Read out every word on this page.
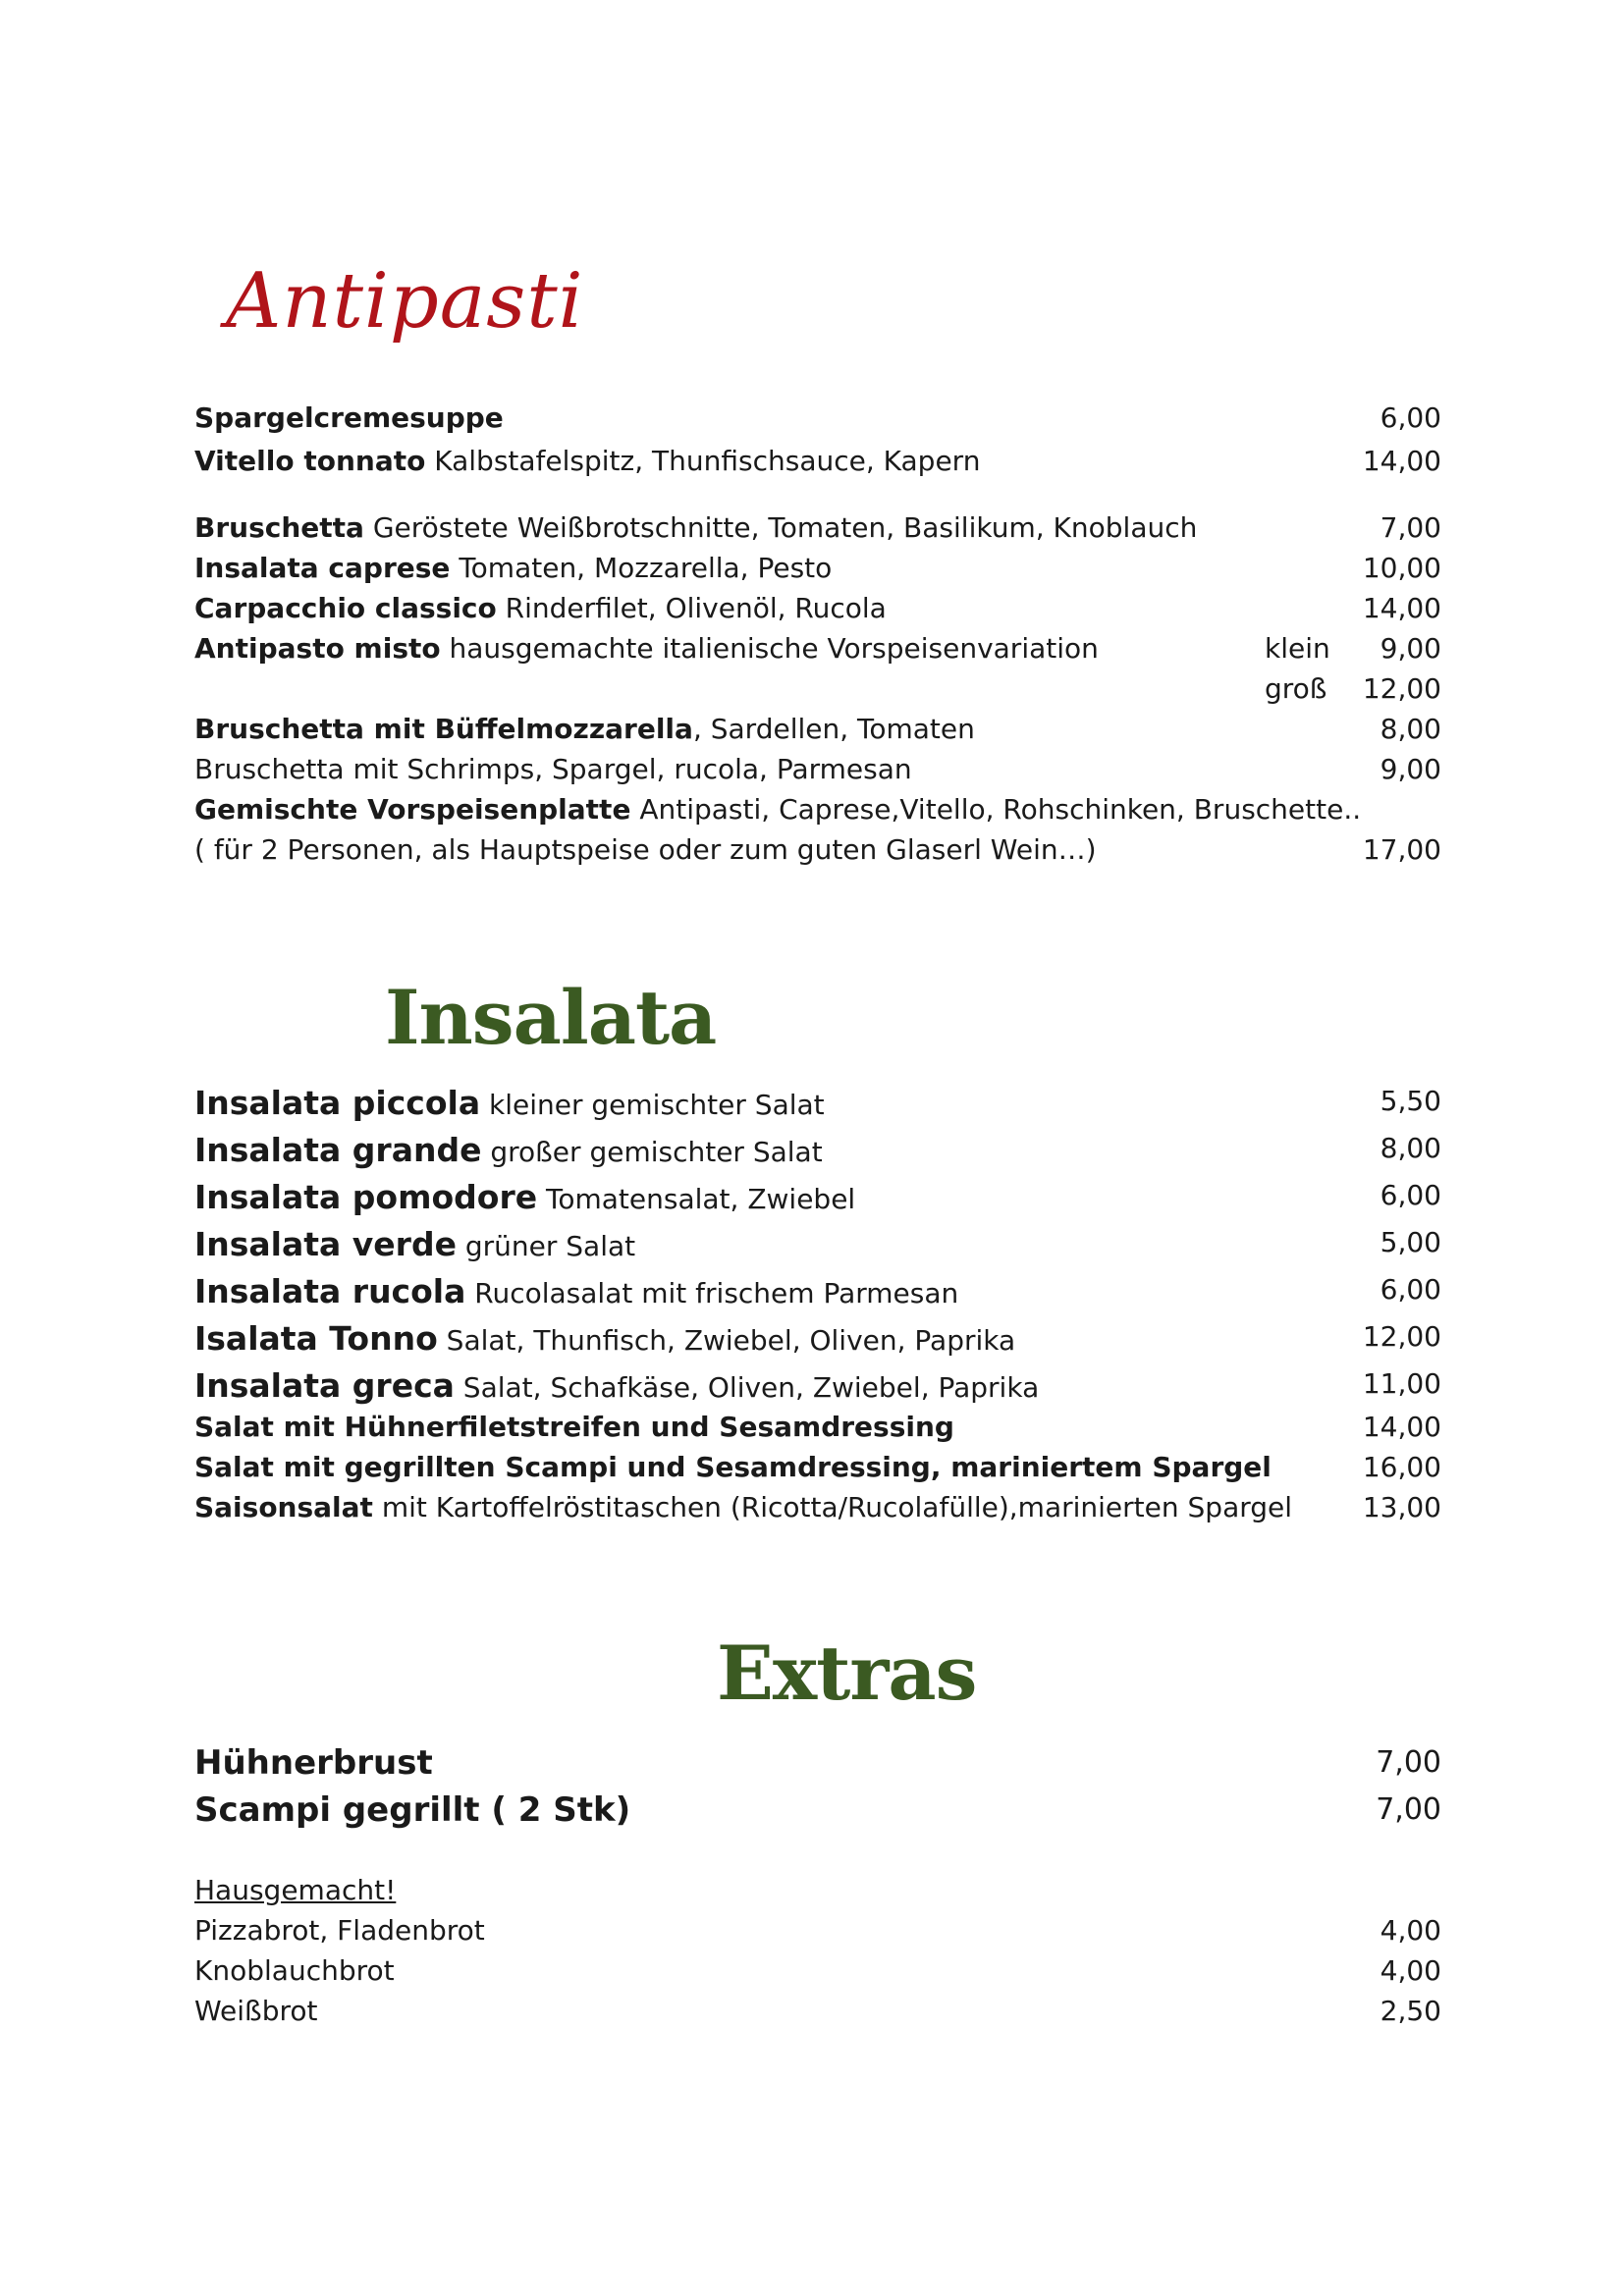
Antipasti
Spargelcremesuppe	6,00
Vitello tonnato Kalbstafelspitz, Thunfischsauce, Kapern	14,00
Bruschetta Geröstete Weißbrotschnitte, Tomaten, Basilikum, Knoblauch	7,00
Insalata caprese Tomaten, Mozzarella, Pesto	10,00
Carpacchio classico Rinderfilet, Olivenöl, Rucola	14,00
Antipasto misto hausgemachte italienische Vorspeisenvariation	klein 9,00
groß 12,00
Bruschetta mit Büffelmozzarella, Sardellen, Tomaten	8,00
Bruschetta mit Schrimps, Spargel, rucola, Parmesan	9,00
Gemischte Vorspeisenplatte Antipasti, Caprese,Vitello, Rohschinken, Bruschette..
( für 2 Personen, als Hauptspeise oder zum guten Glaserl Wein…)	17,00
Insalata
Insalata piccola kleiner gemischter Salat	5,50
Insalata grande großer gemischter Salat	8,00
Insalata pomodore Tomatensalat, Zwiebel	6,00
Insalata verde grüner Salat	5,00
Insalata rucola Rucolasalat mit frischem Parmesan	6,00
Isalata Tonno Salat, Thunfisch, Zwiebel, Oliven, Paprika	12,00
Insalata greca Salat, Schafkäse, Oliven, Zwiebel, Paprika	11,00
Salat mit Hühnerfiletstreifen und Sesamdressing	14,00
Salat mit gegrillten Scampi und Sesamdressing, mariniertem Spargel	16,00
Saisonsalat mit Kartoffelröstitaschen (Ricotta/Rucolafülle),marinierten Spargel	13,00
Extras
Hühnerbrust	7,00
Scampi gegrillt ( 2 Stk)	7,00
Hausgemacht!
Pizzabrot, Fladenbrot	4,00
Knoblauchbrot	4,00
Weißbrot	2,50
